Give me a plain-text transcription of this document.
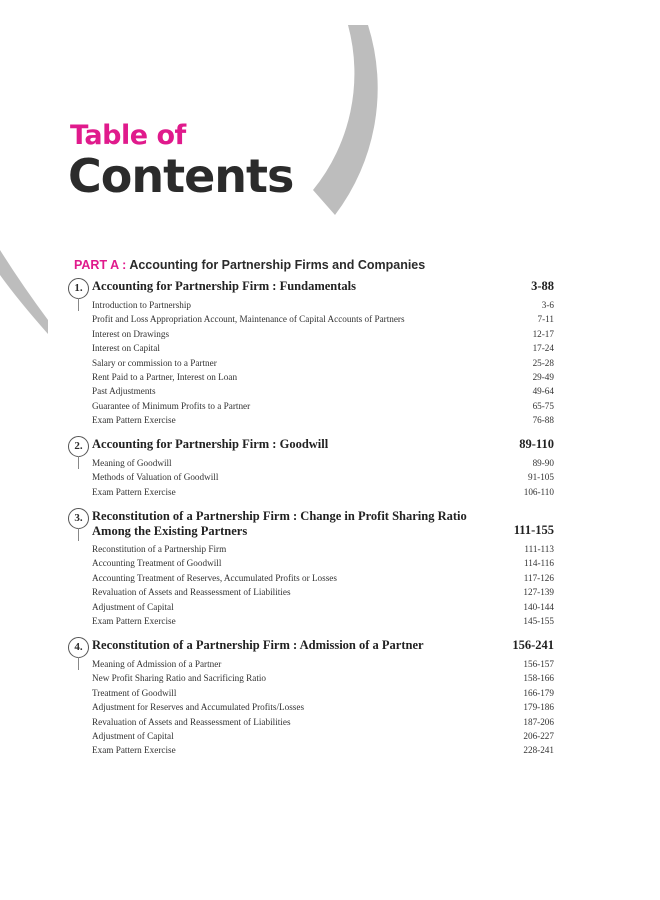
Table of
Contents
PART A : Accounting for Partnership Firms and Companies
1. Accounting for Partnership Firm : Fundamentals	3-88
Introduction to Partnership	3-6
Profit and Loss Appropriation Account, Maintenance of Capital Accounts of Partners	7-11
Interest on Drawings	12-17
Interest on Capital	17-24
Salary or commission to a Partner	25-28
Rent Paid to a Partner, Interest on Loan	29-49
Past Adjustments	49-64
Guarantee of Minimum Profits to a Partner	65-75
Exam Pattern Exercise	76-88
2. Accounting for Partnership Firm : Goodwill	89-110
Meaning of Goodwill	89-90
Methods of Valuation of Goodwill	91-105
Exam Pattern Exercise	106-110
3. Reconstitution of a Partnership Firm : Change in Profit Sharing Ratio Among the Existing Partners	111-155
Reconstitution of a Partnership Firm	111-113
Accounting Treatment of Goodwill	114-116
Accounting Treatment of Reserves, Accumulated Profits or Losses	117-126
Revaluation of Assets and Reassessment of Liabilities	127-139
Adjustment of Capital	140-144
Exam Pattern Exercise	145-155
4. Reconstitution of a Partnership Firm : Admission of a Partner	156-241
Meaning of Admission of a Partner	156-157
New Profit Sharing Ratio and Sacrificing Ratio	158-166
Treatment of Goodwill	166-179
Adjustment for Reserves and Accumulated Profits/Losses	179-186
Revaluation of Assets and Reassessment of Liabilities	187-206
Adjustment of Capital	206-227
Exam Pattern Exercise	228-241
